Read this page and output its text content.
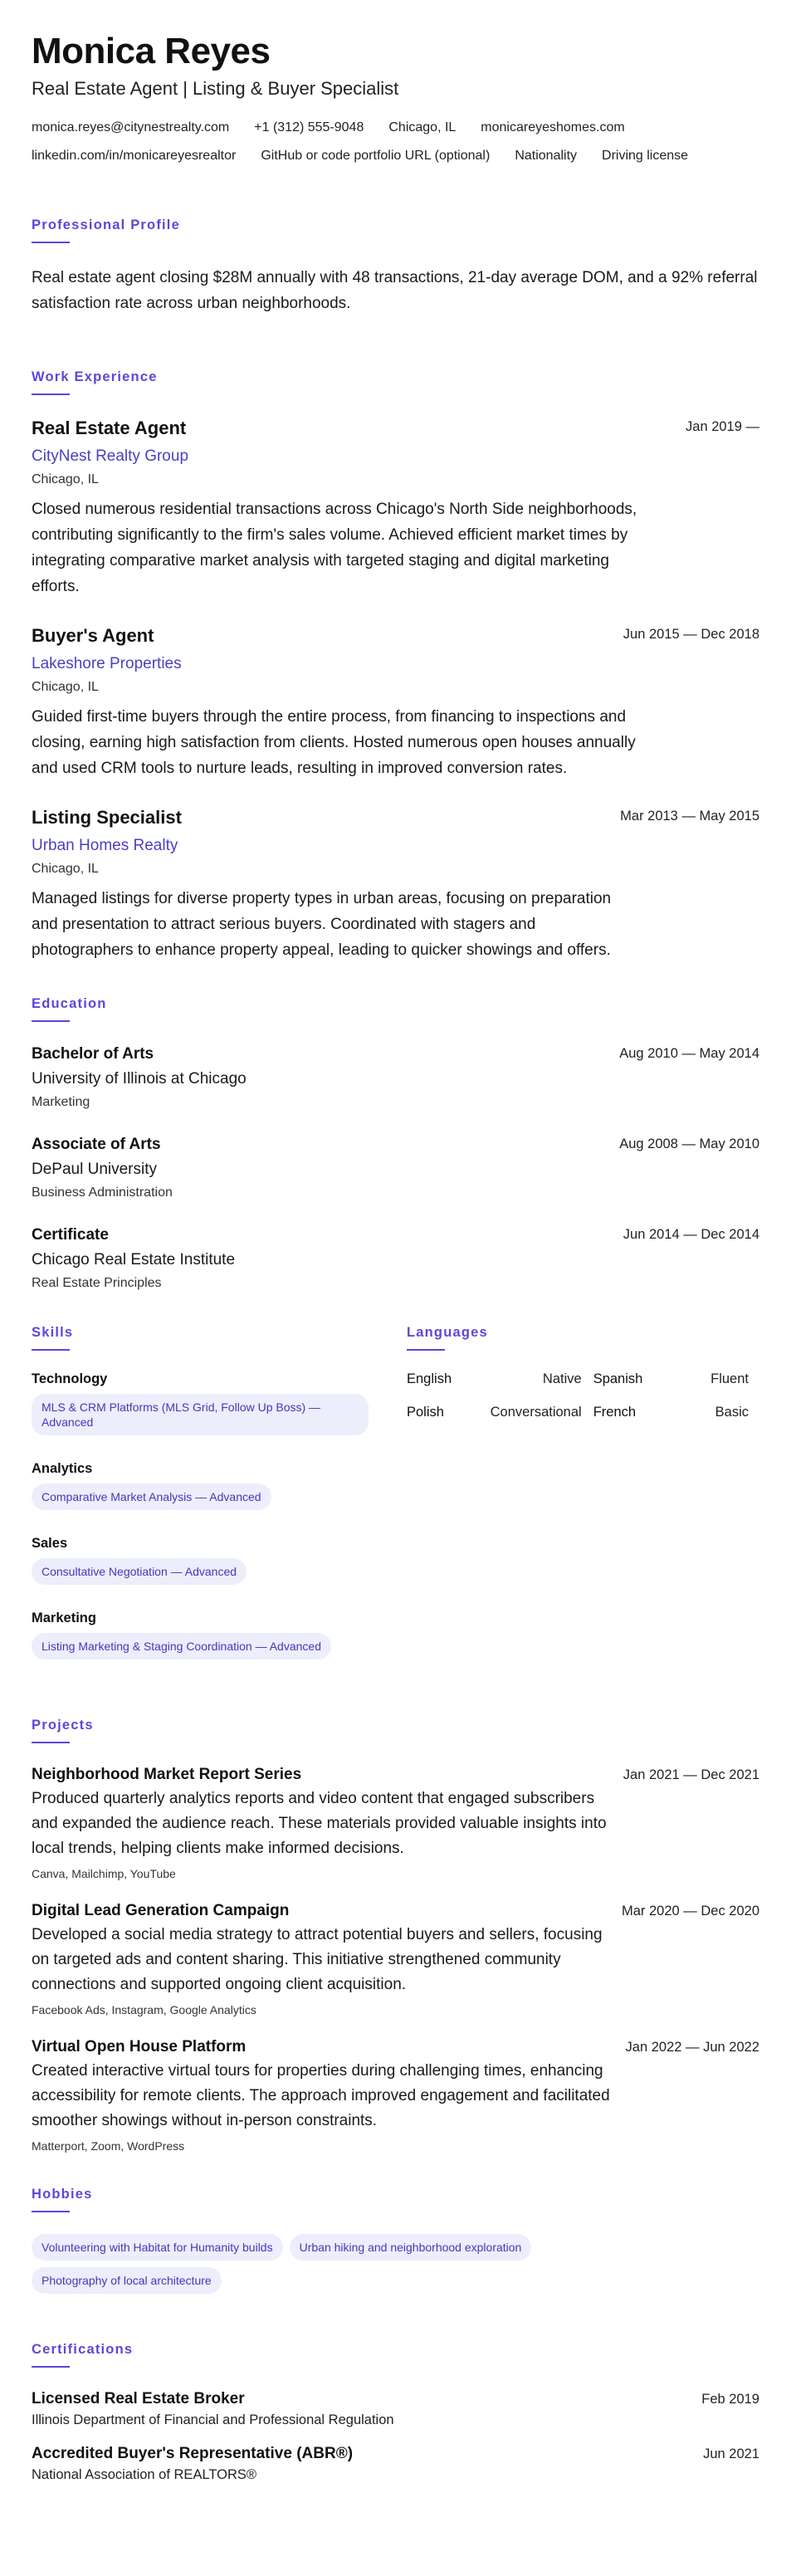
Monica Reyes
Real Estate Agent | Listing & Buyer Specialist
monica.reyes@citynestrealty.com +1 (312) 555-9048 Chicago, IL monicareyeshomes.com
linkedin.com/in/monicareyesrealtor GitHub or code portfolio URL (optional) Nationality Driving license
Professional Profile
Real estate agent closing $28M annually with 48 transactions, 21-day average DOM, and a 92% referral satisfaction rate across urban neighborhoods.
Work Experience
Real Estate Agent	Jan 2019 —
CityNest Realty Group
Chicago, IL
Closed numerous residential transactions across Chicago's North Side neighborhoods, contributing significantly to the firm's sales volume. Achieved efficient market times by integrating comparative market analysis with targeted staging and digital marketing efforts.
Buyer's Agent	Jun 2015 — Dec 2018
Lakeshore Properties
Chicago, IL
Guided first-time buyers through the entire process, from financing to inspections and closing, earning high satisfaction from clients. Hosted numerous open houses annually and used CRM tools to nurture leads, resulting in improved conversion rates.
Listing Specialist	Mar 2013 — May 2015
Urban Homes Realty
Chicago, IL
Managed listings for diverse property types in urban areas, focusing on preparation and presentation to attract serious buyers. Coordinated with stagers and photographers to enhance property appeal, leading to quicker showings and offers.
Education
Bachelor of Arts	Aug 2010 — May 2014
University of Illinois at Chicago
Marketing
Associate of Arts	Aug 2008 — May 2010
DePaul University
Business Administration
Certificate	Jun 2014 — Dec 2014
Chicago Real Estate Institute
Real Estate Principles
Skills
Technology
MLS & CRM Platforms (MLS Grid, Follow Up Boss) — Advanced
Analytics
Comparative Market Analysis — Advanced
Sales
Consultative Negotiation — Advanced
Marketing
Listing Marketing & Staging Coordination — Advanced
Languages
English	Native Spanish	Fluent
Polish	Conversational French	Basic
Projects
Neighborhood Market Report Series	Jan 2021 — Dec 2021
Produced quarterly analytics reports and video content that engaged subscribers and expanded the audience reach. These materials provided valuable insights into local trends, helping clients make informed decisions.
Canva, Mailchimp, YouTube
Digital Lead Generation Campaign	Mar 2020 — Dec 2020
Developed a social media strategy to attract potential buyers and sellers, focusing on targeted ads and content sharing. This initiative strengthened community connections and supported ongoing client acquisition.
Facebook Ads, Instagram, Google Analytics
Virtual Open House Platform	Jan 2022 — Jun 2022
Created interactive virtual tours for properties during challenging times, enhancing accessibility for remote clients. The approach improved engagement and facilitated smoother showings without in-person constraints.
Matterport, Zoom, WordPress
Hobbies
Volunteering with Habitat for Humanity builds	Urban hiking and neighborhood exploration
Photography of local architecture
Certifications
Licensed Real Estate Broker	Feb 2019
Illinois Department of Financial and Professional Regulation
Accredited Buyer's Representative (ABR®)	Jun 2021
National Association of REALTORS®
